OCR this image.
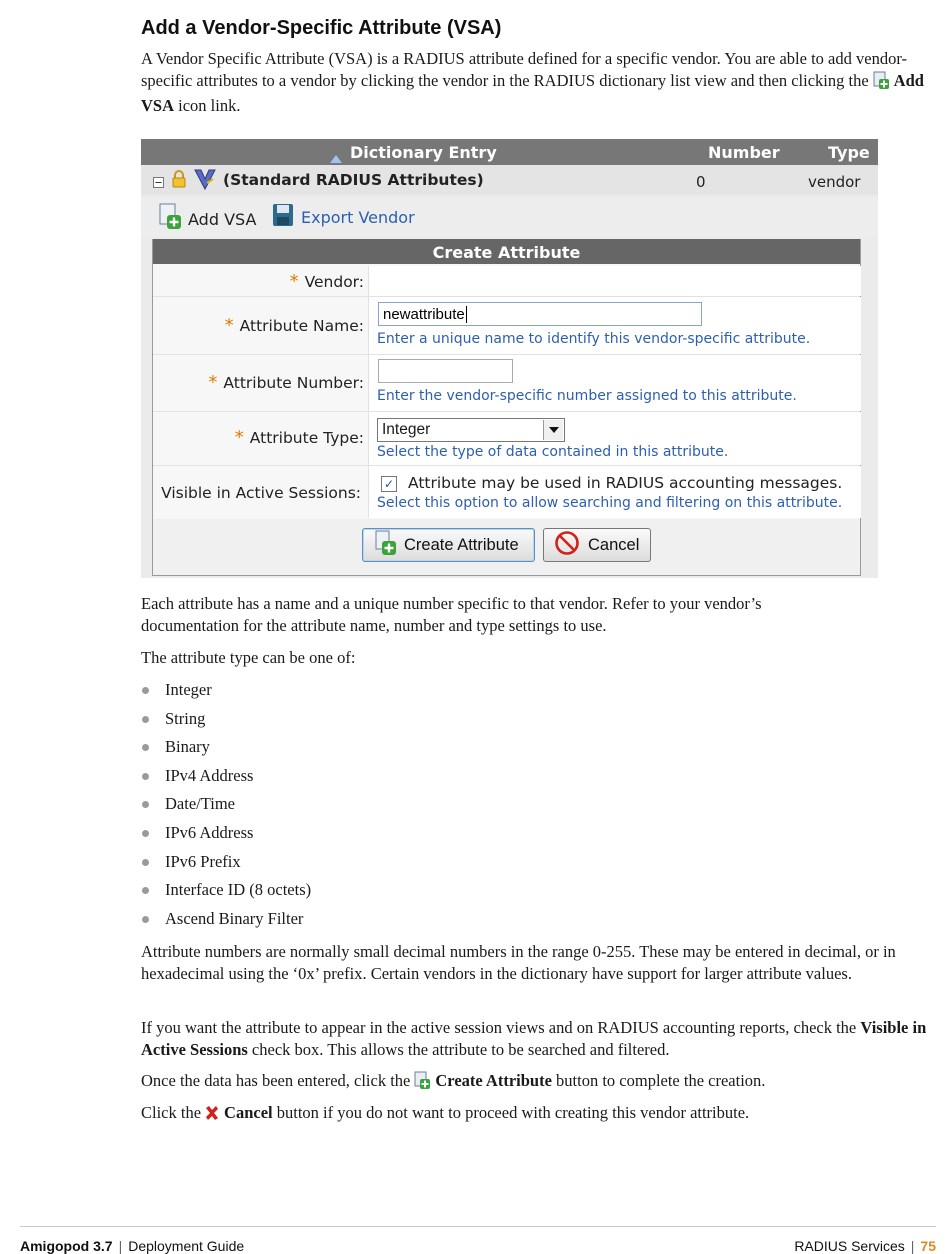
Add a Vendor-Specific Attribute (VSA)

A Vendor Specific Attribute (VSA) is a RADIUS attribute defined for a specific vendor. You are able to add vendor-specific attributes to a vendor by clicking the vendor in the RADIUS dictionary list view and then clicking the Add VSA icon link.

Dictionary Entry	Number	Type
(Standard RADIUS Attributes)	0	vendor
Add VSA	Export Vendor
Create Attribute
* Vendor:
* Attribute Name:
newattribute
Enter a unique name to identify this vendor-specific attribute.
* Attribute Number:
Enter the vendor-specific number assigned to this attribute.
* Attribute Type:	Integer
Select the type of data contained in this attribute.
Visible in Active Sessions: ✓ Attribute may be used in RADIUS accounting messages.
Select this option to allow searching and filtering on this attribute.
Create Attribute	Cancel

Each attribute has a name and a unique number specific to that vendor. Refer to your vendor’s documentation for the attribute name, number and type settings to use.

The attribute type can be one of:

Integer
String
Binary
IPv4 Address
Date/Time
IPv6 Address
IPv6 Prefix
Interface ID (8 octets)
Ascend Binary Filter

Attribute numbers are normally small decimal numbers in the range 0-255. These may be entered in decimal, or in hexadecimal using the ‘0x’ prefix. Certain vendors in the dictionary have support for larger attribute values.

If you want the attribute to appear in the active session views and on RADIUS accounting reports, check the Visible in Active Sessions check box. This allows the attribute to be searched and filtered.

Once the data has been entered, click the Create Attribute button to complete the creation.

Click the Cancel button if you do not want to proceed with creating this vendor attribute.

Amigopod 3.7 | Deployment Guide	RADIUS Services | 75
